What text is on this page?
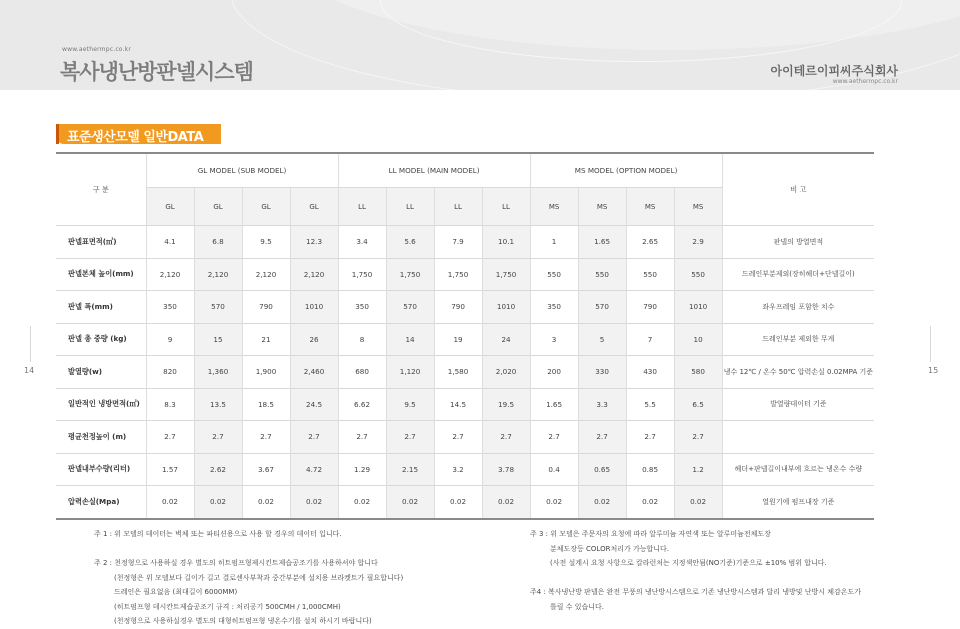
www.aethermpc.co.kr
복사냉난방판넬시스템	아이테르이피씨주식회사
www.aethermpc.co.kr
14	15
표준생산모델 일반DATA
구 분	GL MODEL (SUB MODEL)				LL MODEL (MAIN MODEL)				MS MODEL (OPTION MODEL)				비 고
	GL	GL	GL	GL	LL	LL	LL	LL	MS	MS	MS	MS	
판넬표면적(㎡)	4.1	6.8	9.5	12.3	3.4	5.6	7.9	10.1	1	1.65	2.65	2.9	판넬의 방열면적
판넬본체 높이(mm)	2,120	2,120	2,120	2,120	1,750	1,750	1,750	1,750	550	550	550	550	드레인부분제외(장히헤더+단넬길이)
판넬 폭(mm)	350	570	790	1010	350	570	790	1010	350	570	790	1010	좌우프레임 포함한 치수
판넬 총 중량 (kg)	9	15	21	26	8	14	19	24	3	5	7	10	드레인부분 제외한 무게
발열량(w)	820	1,360	1,900	2,460	680	1,120	1,580	2,020	200	330	430	580	냉수 12℃ / 온수 50℃ 압력손실 0.02MPA 기준
일반적인 냉방면적(㎡)	8.3	13.5	18.5	24.5	6.62	9.5	14.5	19.5	1.65	3.3	5.5	6.5	발열량데이터 기준
평균천정높이 (m)	2.7	2.7	2.7	2.7	2.7	2.7	2.7	2.7	2.7	2.7	2.7	2.7	
판넬내부수량(리터)	1.57	2.62	3.67	4.72	1.29	2.15	3.2	3.78	0.4	0.65	0.85	1.2	헤더+판넬길이내부에 흐르는 냉온수 수량
압력손실(Mpa)	0.02	0.02	0.02	0.02	0.02	0.02	0.02	0.02	0.02	0.02	0.02	0.02	열원기에 펌프내장 기준
주 1 : 위 모델의 데이터는 벽체 또는 파티션용으로 사용 할 경우의 데이터 입니다.

주 2 : 천정형으로 사용하실 경우 별도의 히트펌프형제시킨트제습공조기를 사용하셔야 합니다
(천정형은 위 모델보다 길이가 길고 결로센사부착과 중간부분에 설치용 브라켓트가 필요합니다)
드레인은 필요없음 (최대길이 6000MM)
(히트펌프형 데시칸트제습공조기 규격 : 처리공기 500CMH / 1,000CMH)
(천정형으로 사용하실경우 별도의 대형히트펌프형 냉온수기를 설치 하시기 바랍니다)
주 3 : 위 모델은 주문자의 요청에 따라 알루미늄 자연색 또는 알루미늄전체도장
분체도장등 COLOR처리가 가능합니다.
(사전 설계시 요청 사항으로 칼라런처는 지정색안됨(NO기준)기준으로 ±10% 범위 합니다.

주4 : 복사냉난방 판넬은 완전 무풍의 냉난방시스템으로 기존 냉난방시스템과 달리 냉방및 난방시 체감온도가
틀릴 수 있습니다.
